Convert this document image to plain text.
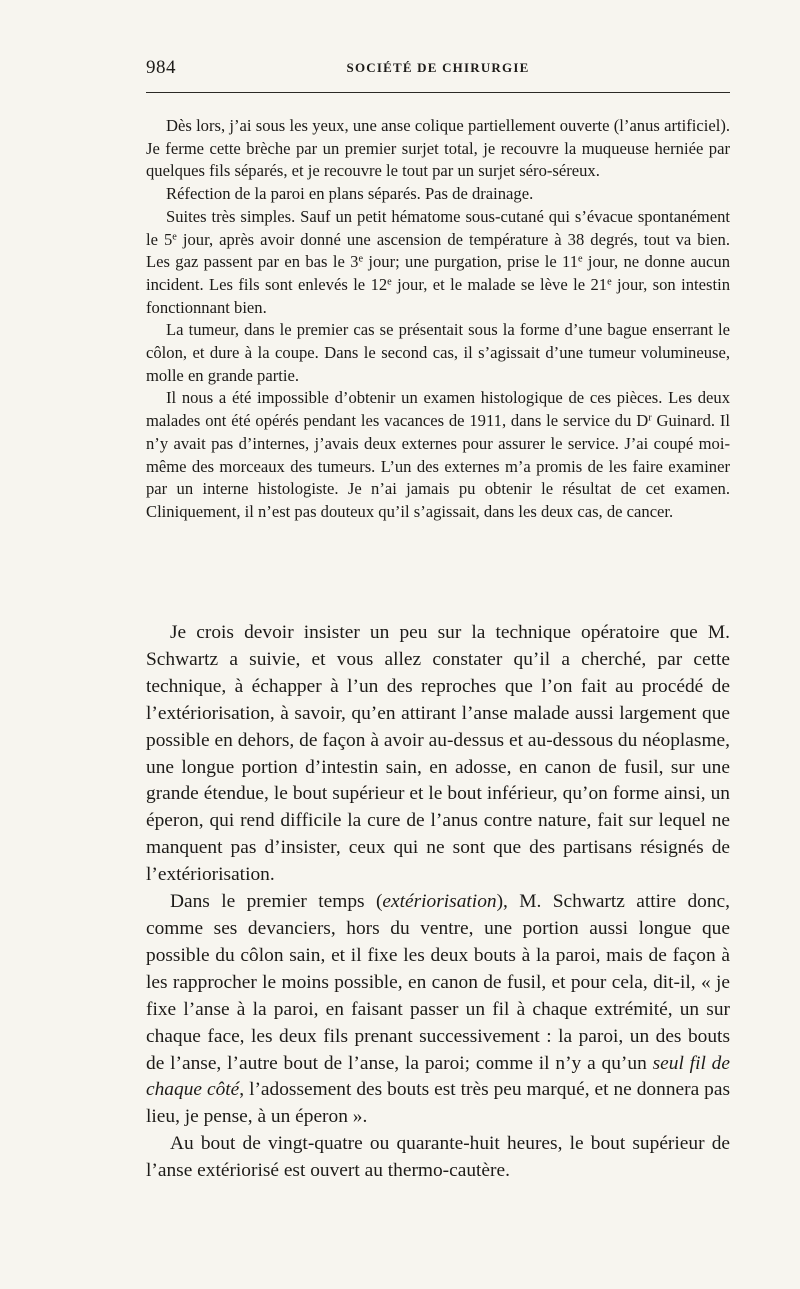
984	SOCIÉTÉ DE CHIRURGIE

Dès lors, j’ai sous les yeux, une anse colique partiellement ouverte (l’anus artificiel). Je ferme cette brèche par un premier surjet total, je recouvre la muqueuse herniée par quelques fils séparés, et je recouvre le tout par un surjet séro-séreux.

Réfection de la paroi en plans séparés. Pas de drainage.

Suites très simples. Sauf un petit hématome sous-cutané qui s’évacue spontanément le 5e jour, après avoir donné une ascension de température à 38 degrés, tout va bien. Les gaz passent par en bas le 3e jour; une purgation, prise le 11e jour, ne donne aucun incident. Les fils sont enlevés le 12e jour, et le malade se lève le 21e jour, son intestin fonctionnant bien.

La tumeur, dans le premier cas se présentait sous la forme d’une bague enserrant le côlon, et dure à la coupe. Dans le second cas, il s’agissait d’une tumeur volumineuse, molle en grande partie.

Il nous a été impossible d’obtenir un examen histologique de ces pièces. Les deux malades ont été opérés pendant les vacances de 1911, dans le service du $D^r$ Guinard. Il n’y avait pas d’internes, j’avais deux externes pour assurer le service. J’ai coupé moi-même des morceaux des tumeurs. L’un des externes m’a promis de les faire examiner par un interne histologiste. Je n’ai jamais pu obtenir le résultat de cet examen. Cliniquement, il n’est pas douteux qu’il s’agissait, dans les deux cas, de cancer.

Je crois devoir insister un peu sur la technique opératoire que M. Schwartz a suivie, et vous allez constater qu’il a cherché, par cette technique, à échapper à l’un des reproches que l’on fait au procédé de l’extériorisation, à savoir, qu’en attirant l’anse malade aussi largement que possible en dehors, de façon à avoir au-dessus et au-dessous du néoplasme, une longue portion d’intestin sain, en adosse, en canon de fusil, sur une grande étendue, le bout supérieur et le bout inférieur, qu’on forme ainsi, un éperon, qui rend difficile la cure de l’anus contre nature, fait sur lequel ne manquent pas d’insister, ceux qui ne sont que des partisans résignés de l’extériorisation.

Dans le premier temps (extériorisation), M. Schwartz attire donc, comme ses devanciers, hors du ventre, une portion aussi longue que possible du côlon sain, et il fixe les deux bouts à la paroi, mais de façon à les rapprocher le moins possible, en canon de fusil, et pour cela, dit-il, « je fixe l’anse à la paroi, en faisant passer un fil à chaque extrémité, un sur chaque face, les deux fils prenant successivement : la paroi, un des bouts de l’anse, l’autre bout de l’anse, la paroi; comme il n’y a qu’un seul fil de chaque côté, l’adossement des bouts est très peu marqué, et ne donnera pas lieu, je pense, à un éperon ».

Au bout de vingt-quatre ou quarante-huit heures, le bout supérieur de l’anse extériorisé est ouvert au thermo-cautère.
